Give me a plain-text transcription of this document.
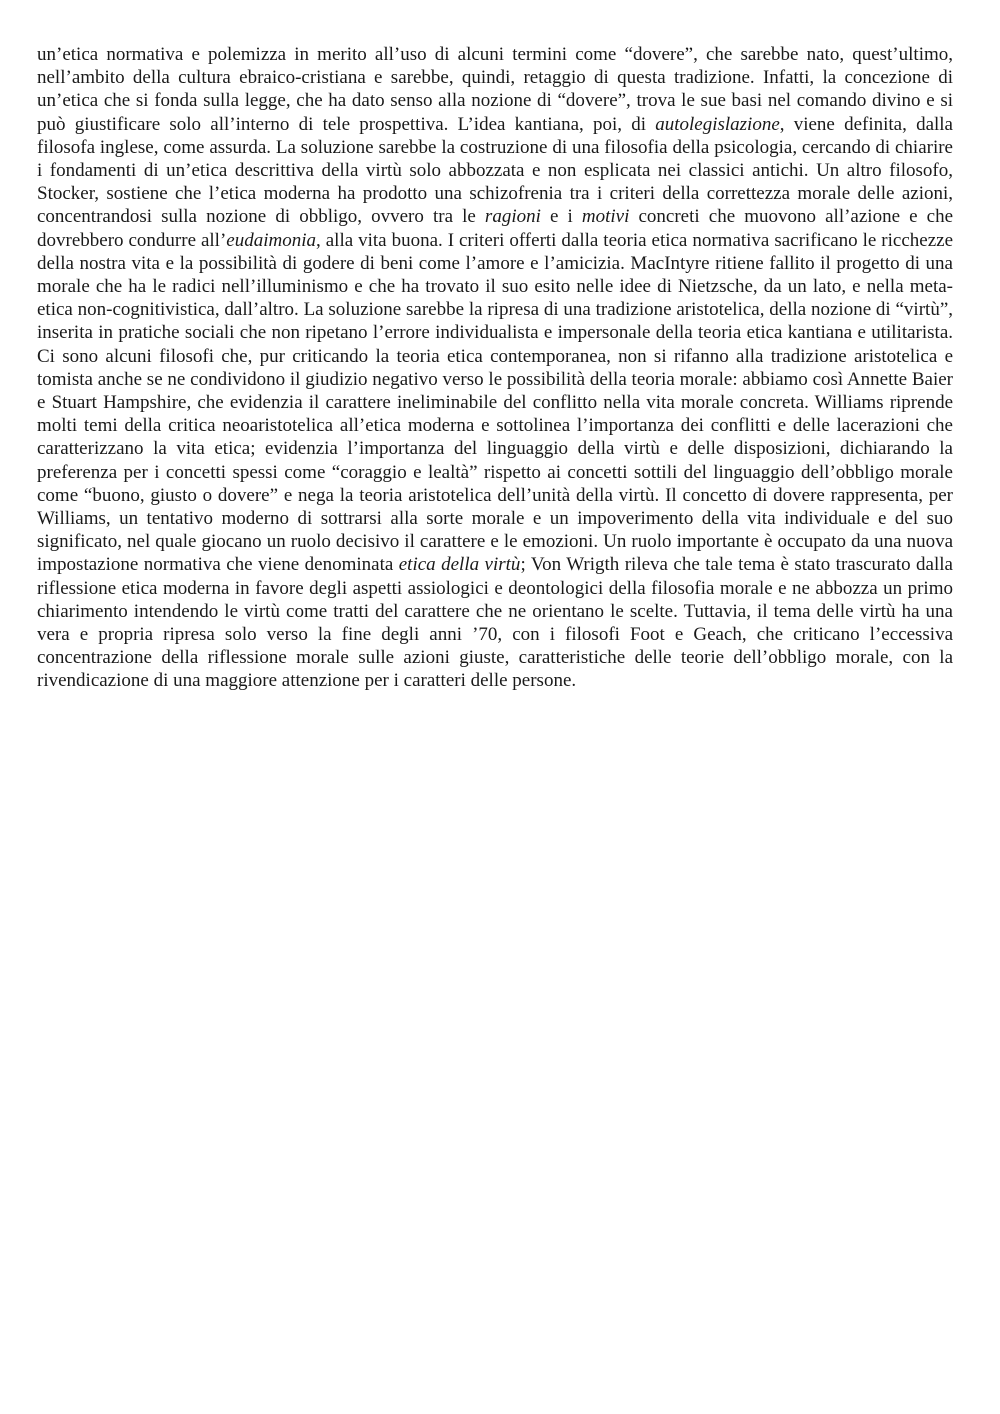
un’etica normativa e polemizza in merito all’uso di alcuni termini come “dovere”, che sarebbe nato, quest’ultimo, nell’ambito della cultura ebraico-cristiana e sarebbe, quindi, retaggio di questa tradizione. Infatti, la concezione di un’etica che si fonda sulla legge, che ha dato senso alla nozione di “dovere”, trova le sue basi nel comando divino e si può giustificare solo all’interno di tele prospettiva. L’idea kantiana, poi, di autolegislazione, viene definita, dalla filosofa inglese, come assurda. La soluzione sarebbe la costruzione di una filosofia della psicologia, cercando di chiarire i fondamenti di un’etica descrittiva della virtù solo abbozzata e non esplicata nei classici antichi. Un altro filosofo, Stocker, sostiene che l’etica moderna ha prodotto una schizofrenia tra i criteri della correttezza morale delle azioni, concentrandosi sulla nozione di obbligo, ovvero tra le ragioni e i motivi concreti che muovono all’azione e che dovrebbero condurre all’eudaimonia, alla vita buona. I criteri offerti dalla teoria etica normativa sacrificano le ricchezze della nostra vita e la possibilità di godere di beni come l’amore e l’amicizia. MacIntyre ritiene fallito il progetto di una morale che ha le radici nell’illuminismo e che ha trovato il suo esito nelle idee di Nietzsche, da un lato, e nella meta-etica non-cognitivistica, dall’altro. La soluzione sarebbe la ripresa di una tradizione aristotelica, della nozione di “virtù”, inserita in pratiche sociali che non ripetano l’errore individualista e impersonale della teoria etica kantiana e utilitarista. Ci sono alcuni filosofi che, pur criticando la teoria etica contemporanea, non si rifanno alla tradizione aristotelica e tomista anche se ne condividono il giudizio negativo verso le possibilità della teoria morale: abbiamo così Annette Baier e Stuart Hampshire, che evidenzia il carattere ineliminabile del conflitto nella vita morale concreta. Williams riprende molti temi della critica neoaristotelica all’etica moderna e sottolinea l’importanza dei conflitti e delle lacerazioni che caratterizzano la vita etica; evidenzia l’importanza del linguaggio della virtù e delle disposizioni, dichiarando la preferenza per i concetti spessi come “coraggio e lealtà” rispetto ai concetti sottili del linguaggio dell’obbligo morale come “buono, giusto o dovere” e nega la teoria aristotelica dell’unità della virtù. Il concetto di dovere rappresenta, per Williams, un tentativo moderno di sottrarsi alla sorte morale e un impoverimento della vita individuale e del suo significato, nel quale giocano un ruolo decisivo il carattere e le emozioni. Un ruolo importante è occupato da una nuova impostazione normativa che viene denominata etica della virtù; Von Wrigth rileva che tale tema è stato trascurato dalla riflessione etica moderna in favore degli aspetti assiologici e deontologici della filosofia morale e ne abbozza un primo chiarimento intendendo le virtù come tratti del carattere che ne orientano le scelte. Tuttavia, il tema delle virtù ha una vera e propria ripresa solo verso la fine degli anni ’70, con i filosofi Foot e Geach, che criticano l’eccessiva concentrazione della riflessione morale sulle azioni giuste, caratteristiche delle teorie dell’obbligo morale, con la rivendicazione di una maggiore attenzione per i caratteri delle persone.
